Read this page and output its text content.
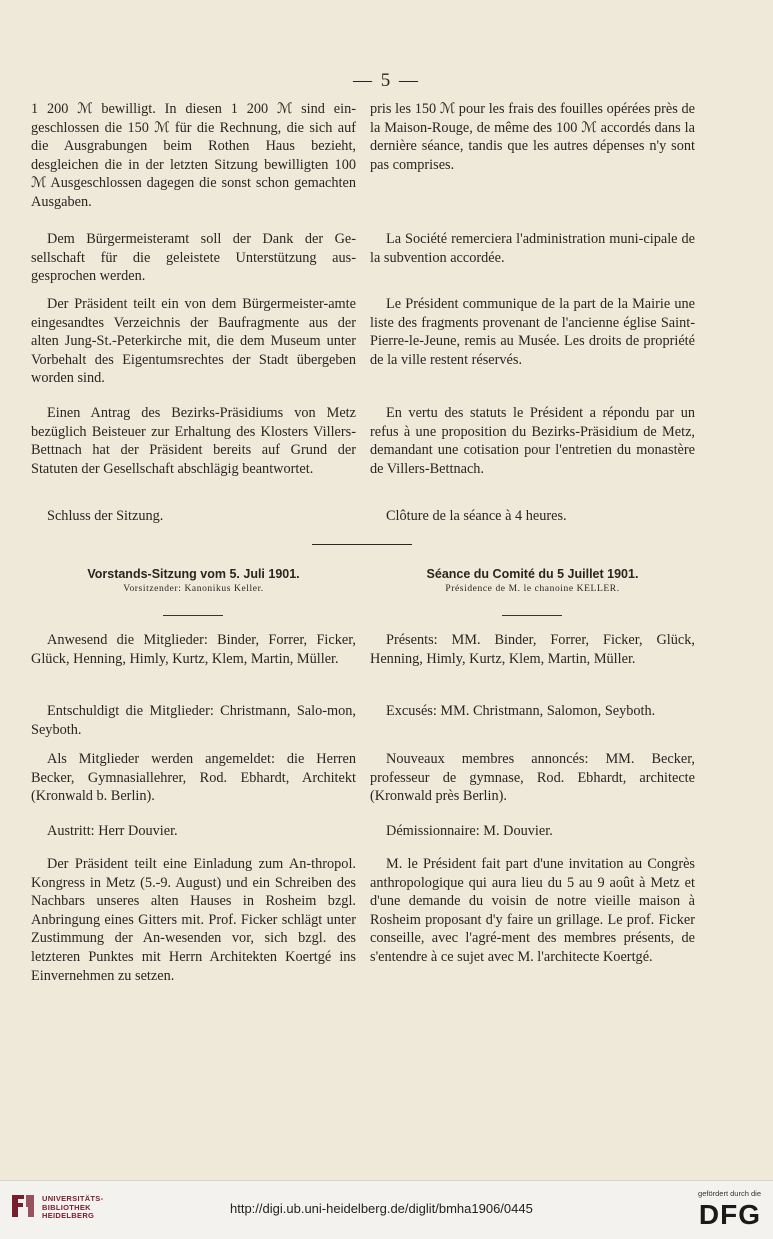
— 5 —

1 200 ℳ bewilligt. In diesen 1 200 ℳ sind ein-geschlossen die 150 ℳ für die Rechnung, die sich auf die Ausgrabungen beim Rothen Haus bezieht, desgleichen die in der letzten Sitzung bewilligten 100 ℳ Ausgeschlossen dagegen die sonst schon gemachten Ausgaben.

Dem Bürgermeisteramt soll der Dank der Ge-sellschaft für die geleistete Unterstützung aus-gesprochen werden.

Der Präsident teilt ein von dem Bürgermeister-amte eingesandtes Verzeichnis der Baufragmente aus der alten Jung-St.-Peterkirche mit, die dem Museum unter Vorbehalt des Eigentumsrechtes der Stadt übergeben worden sind.

Einen Antrag des Bezirks-Präsidiums von Metz bezüglich Beisteuer zur Erhaltung des Klosters Villers-Bettnach hat der Präsident bereits auf Grund der Statuten der Gesellschaft abschlägig beantwortet.

Schluss der Sitzung.

Vorstands-Sitzung vom 5. Juli 1901.

Vorsitzender: Kanonikus Keller.

Anwesend die Mitglieder: Binder, Forrer, Ficker, Glück, Henning, Himly, Kurtz, Klem, Martin, Müller.

Entschuldigt die Mitglieder: Christmann, Salo-mon, Seyboth.

Als Mitglieder werden angemeldet: die Herren Becker, Gymnasiallehrer, Rod. Ebhardt, Architekt (Kronwald b. Berlin).

Austritt: Herr Douvier.

Der Präsident teilt eine Einladung zum An-thropol. Kongress in Metz (5.-9. August) und ein Schreiben des Nachbars unseres alten Hauses in Rosheim bzgl. Anbringung eines Gitters mit. Prof. Ficker schlägt unter Zustimmung der An-wesenden vor, sich bzgl. des letzteren Punktes mit Herrn Architekten Koertgé ins Einvernehmen zu setzen.

pris les 150 ℳ pour les frais des fouilles opérées près de la Maison-Rouge, de même des 100 ℳ accordés dans la dernière séance, tandis que les autres dépenses n'y sont pas comprises.

La Société remerciera l'administration muni-cipale de la subvention accordée.

Le Président communique de la part de la Mairie une liste des fragments provenant de l'ancienne église Saint-Pierre-le-Jeune, remis au Musée. Les droits de propriété de la ville restent réservés.

En vertu des statuts le Président a répondu par un refus à une proposition du Bezirks-Präsidium de Metz, demandant une cotisation pour l'entretien du monastère de Villers-Bettnach.

Clôture de la séance à 4 heures.

Séance du Comité du 5 Juillet 1901.

Présidence de M. le chanoine KELLER.

Présents: MM. Binder, Forrer, Ficker, Glück, Henning, Himly, Kurtz, Klem, Martin, Müller.

Excusés: MM. Christmann, Salomon, Seyboth.

Nouveaux membres annoncés: MM. Becker, professeur de gymnase, Rod. Ebhardt, architecte (Kronwald près Berlin).

Démissionnaire: M. Douvier.

M. le Président fait part d'une invitation au Congrès anthropologique qui aura lieu du 5 au 9 août à Metz et d'une demande du voisin de notre vieille maison à Rosheim proposant d'y faire un grillage. Le prof. Ficker conseille, avec l'agré-ment des membres présents, de s'entendre à ce sujet avec M. l'architecte Koertgé.

UNIVERSITÄTS-
BIBLIOTHEK
HEIDELBERG	http://digi.ub.uni-heidelberg.de/diglit/bmha1906/0445
gefördert durch die
DFG
